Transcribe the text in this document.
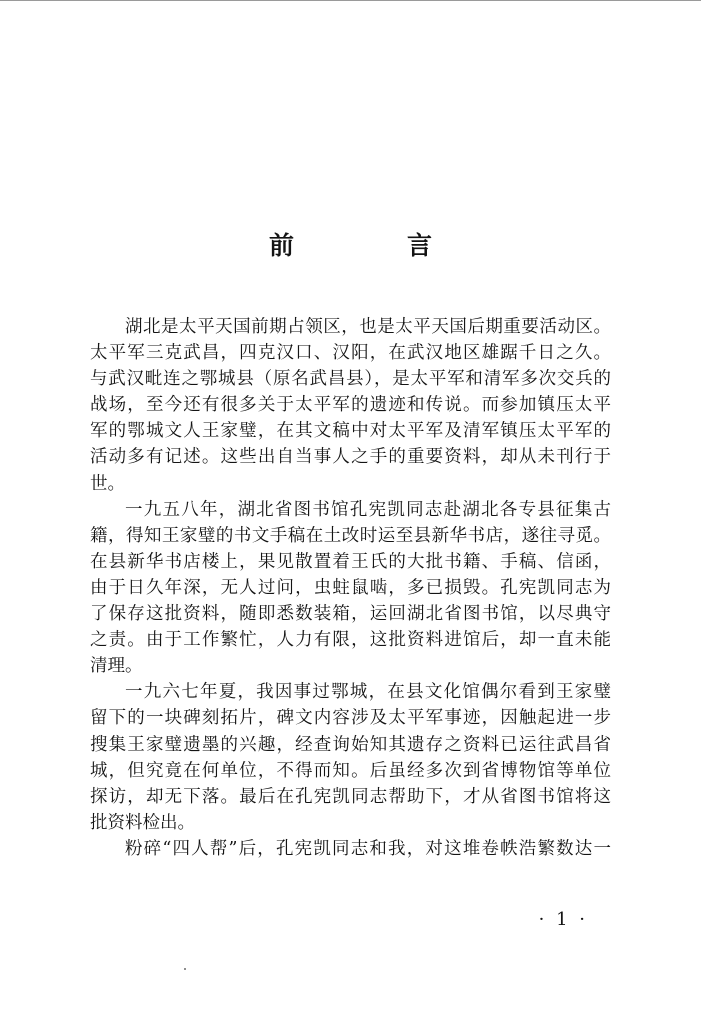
前　言
湖北是太平天国前期占领区，也是太平天国后期重要活动区。
太平军三克武昌，四克汉口、汉阳，在武汉地区雄踞千日之久。
与武汉毗连之鄂城县（原名武昌县），是太平军和清军多次交兵的
战场，至今还有很多关于太平军的遗迹和传说。而参加镇压太平
军的鄂城文人王家璧，在其文稿中对太平军及清军镇压太平军的
活动多有记述。这些出自当事人之手的重要资料，却从未刊行于
世。
一九五八年，湖北省图书馆孔宪凯同志赴湖北各专县征集古
籍，得知王家璧的书文手稿在土改时运至县新华书店，遂往寻觅。
在县新华书店楼上，果见散置着王氏的大批书籍、手稿、信函，
由于日久年深，无人过问，虫蛀鼠啮，多已损毁。孔宪凯同志为
了保存这批资料，随即悉数装箱，运回湖北省图书馆，以尽典守
之责。由于工作繁忙，人力有限，这批资料进馆后，却一直未能
清理。
一九六七年夏，我因事过鄂城，在县文化馆偶尔看到王家璧
留下的一块碑刻拓片，碑文内容涉及太平军事迹，因触起进一步
搜集王家璧遗墨的兴趣，经查询始知其遗存之资料已运往武昌省
城，但究竟在何单位，不得而知。后虽经多次到省博物馆等单位
探访，却无下落。最后在孔宪凯同志帮助下，才从省图书馆将这
批资料检出。
粉碎“四人帮”后，孔宪凯同志和我，对这堆卷帙浩繁数达一
· 1 ·
